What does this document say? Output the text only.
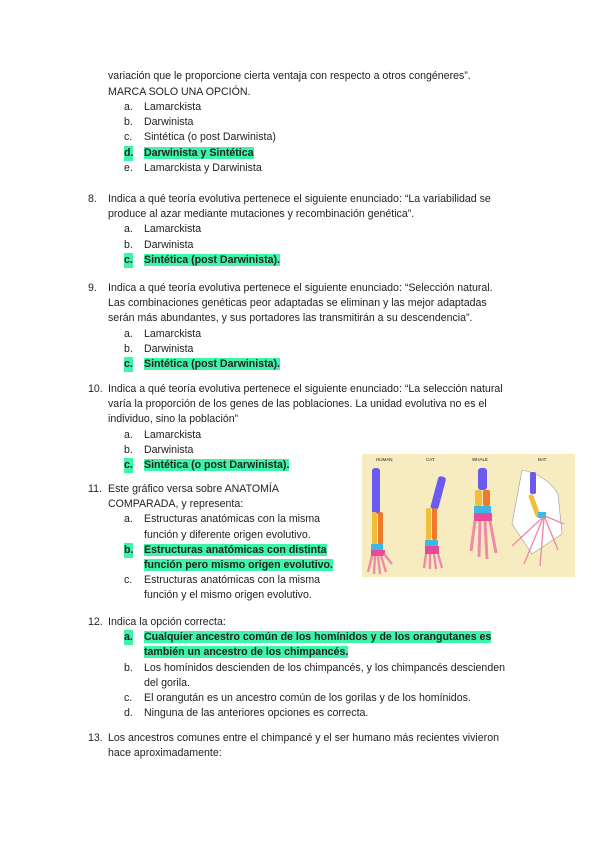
variación que le proporcione cierta ventaja con respecto a otros congéneres”.
MARCA SOLO UNA OPCIÓN.
a. Lamarckista
b. Darwinista
c. Sintética (o post Darwinista)
d. Darwinista y Sintética
e. Lamarckista y Darwinista
8.	Indica a qué teoría evolutiva pertenece el siguiente enunciado: “La variabilidad se
produce al azar mediante mutaciones y recombinación genética”.
a. Lamarckista
b. Darwinista
c. Sintética (post Darwinista).
9.	Indica a qué teoría evolutiva pertenece el siguiente enunciado: “Selección natural.
Las combinaciones genéticas peor adaptadas se eliminan y las mejor adaptadas
serán más abundantes, y sus portadores las transmitirán a su descendencia”.
a. Lamarckista
b. Darwinista
c. Sintética (post Darwinista).
10. Indica a qué teoría evolutiva pertenece el siguiente enunciado: “La selección natural
varía la proporción de los genes de las poblaciones. La unidad evolutiva no es el
individuo, sino la población”
a. Lamarckista
b. Darwinista
c. Sintética (o post Darwinista).
11. Este gráfico versa sobre ANATOMÍA
COMPARADA, y representa:
a. Estructuras anatómicas con la misma
función y diferente origen evolutivo.
b. Estructuras anatómicas con distinta
función pero mismo origen evolutivo.
c. Estructuras anatómicas con la misma
función y el mismo origen evolutivo.
HUMAN	CAT	WHALE	BAT
12. Indica la opción correcta:
a. Cualquier ancestro común de los homínidos y de los orangutanes es
también un ancestro de los chimpancés.
b. Los homínidos descienden de los chimpancés, y los chimpancés descienden
del gorila.
c. El orangután es un ancestro común de los gorilas y de los homínidos.
d. Ninguna de las anteriores opciones es correcta.
13. Los ancestros comunes entre el chimpancé y el ser humano más recientes vivieron
hace aproximadamente:
